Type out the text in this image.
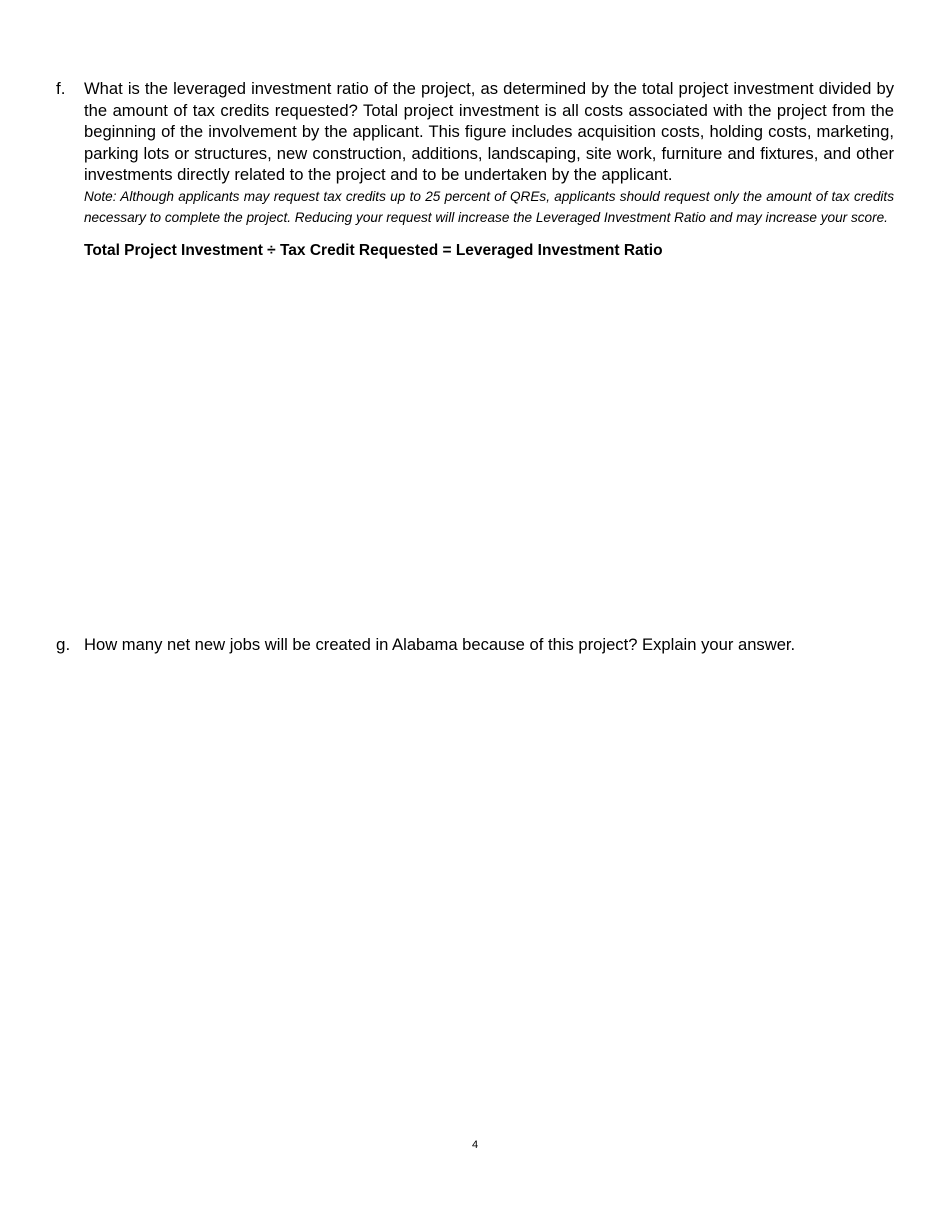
f. What is the leveraged investment ratio of the project, as determined by the total project investment divided by the amount of tax credits requested? Total project investment is all costs associated with the project from the beginning of the involvement by the applicant. This figure includes acquisition costs, holding costs, marketing, parking lots or structures, new construction, additions, landscaping, site work, furniture and fixtures, and other investments directly related to the project and to be undertaken by the applicant.

Note: Although applicants may request tax credits up to 25 percent of QREs, applicants should request only the amount of tax credits necessary to complete the project. Reducing your request will increase the Leveraged Investment Ratio and may increase your score.

Total Project Investment ÷ Tax Credit Requested = Leveraged Investment Ratio

g. How many net new jobs will be created in Alabama because of this project? Explain your answer.

4
